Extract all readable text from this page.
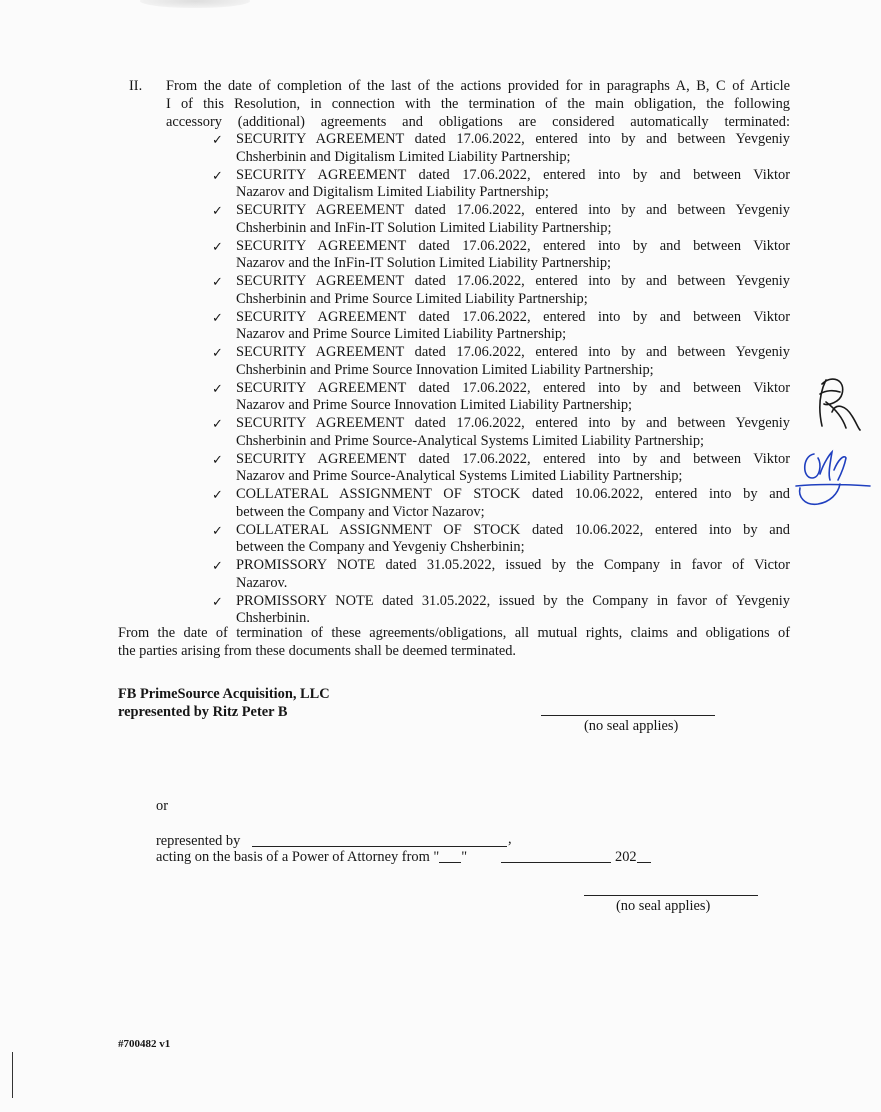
II. From the date of completion of the last of the actions provided for in paragraphs A, B, C of Article
I of this Resolution, in connection with the termination of the main obligation, the following
accessory (additional) agreements and obligations are considered automatically terminated:
✓ SECURITY AGREEMENT dated 17.06.2022, entered into by and between Yevgeniy
Chsherbinin and Digitalism Limited Liability Partnership;
✓ SECURITY AGREEMENT dated 17.06.2022, entered into by and between Viktor
Nazarov and Digitalism Limited Liability Partnership;
✓ SECURITY AGREEMENT dated 17.06.2022, entered into by and between Yevgeniy
Chsherbinin and InFin-IT Solution Limited Liability Partnership;
✓ SECURITY AGREEMENT dated 17.06.2022, entered into by and between Viktor
Nazarov and the InFin-IT Solution Limited Liability Partnership;
✓ SECURITY AGREEMENT dated 17.06.2022, entered into by and between Yevgeniy
Chsherbinin and Prime Source Limited Liability Partnership;
✓ SECURITY AGREEMENT dated 17.06.2022, entered into by and between Viktor
Nazarov and Prime Source Limited Liability Partnership;
✓ SECURITY AGREEMENT dated 17.06.2022, entered into by and between Yevgeniy
Chsherbinin and Prime Source Innovation Limited Liability Partnership;
✓ SECURITY AGREEMENT dated 17.06.2022, entered into by and between Viktor
Nazarov and Prime Source Innovation Limited Liability Partnership;
✓ SECURITY AGREEMENT dated 17.06.2022, entered into by and between Yevgeniy
Chsherbinin and Prime Source-Analytical Systems Limited Liability Partnership;
✓ SECURITY AGREEMENT dated 17.06.2022, entered into by and between Viktor
Nazarov and Prime Source-Analytical Systems Limited Liability Partnership;
✓ COLLATERAL ASSIGNMENT OF STOCK dated 10.06.2022, entered into by and
between the Company and Victor Nazarov;
✓ COLLATERAL ASSIGNMENT OF STOCK dated 10.06.2022, entered into by and
between the Company and Yevgeniy Chsherbinin;
✓ PROMISSORY NOTE dated 31.05.2022, issued by the Company in favor of Victor
Nazarov.
✓ PROMISSORY NOTE dated 31.05.2022, issued by the Company in favor of Yevgeniy
Chsherbinin.
From the date of termination of these agreements/obligations, all mutual rights, claims and obligations of
the parties arising from these documents shall be deemed terminated.
FB PrimeSource Acquisition, LLC
represented by Ritz Peter B
(no seal applies)
or
represented by	,
acting on the basis of a Power of Attorney from " "	202
(no seal applies)
#700482 v1
